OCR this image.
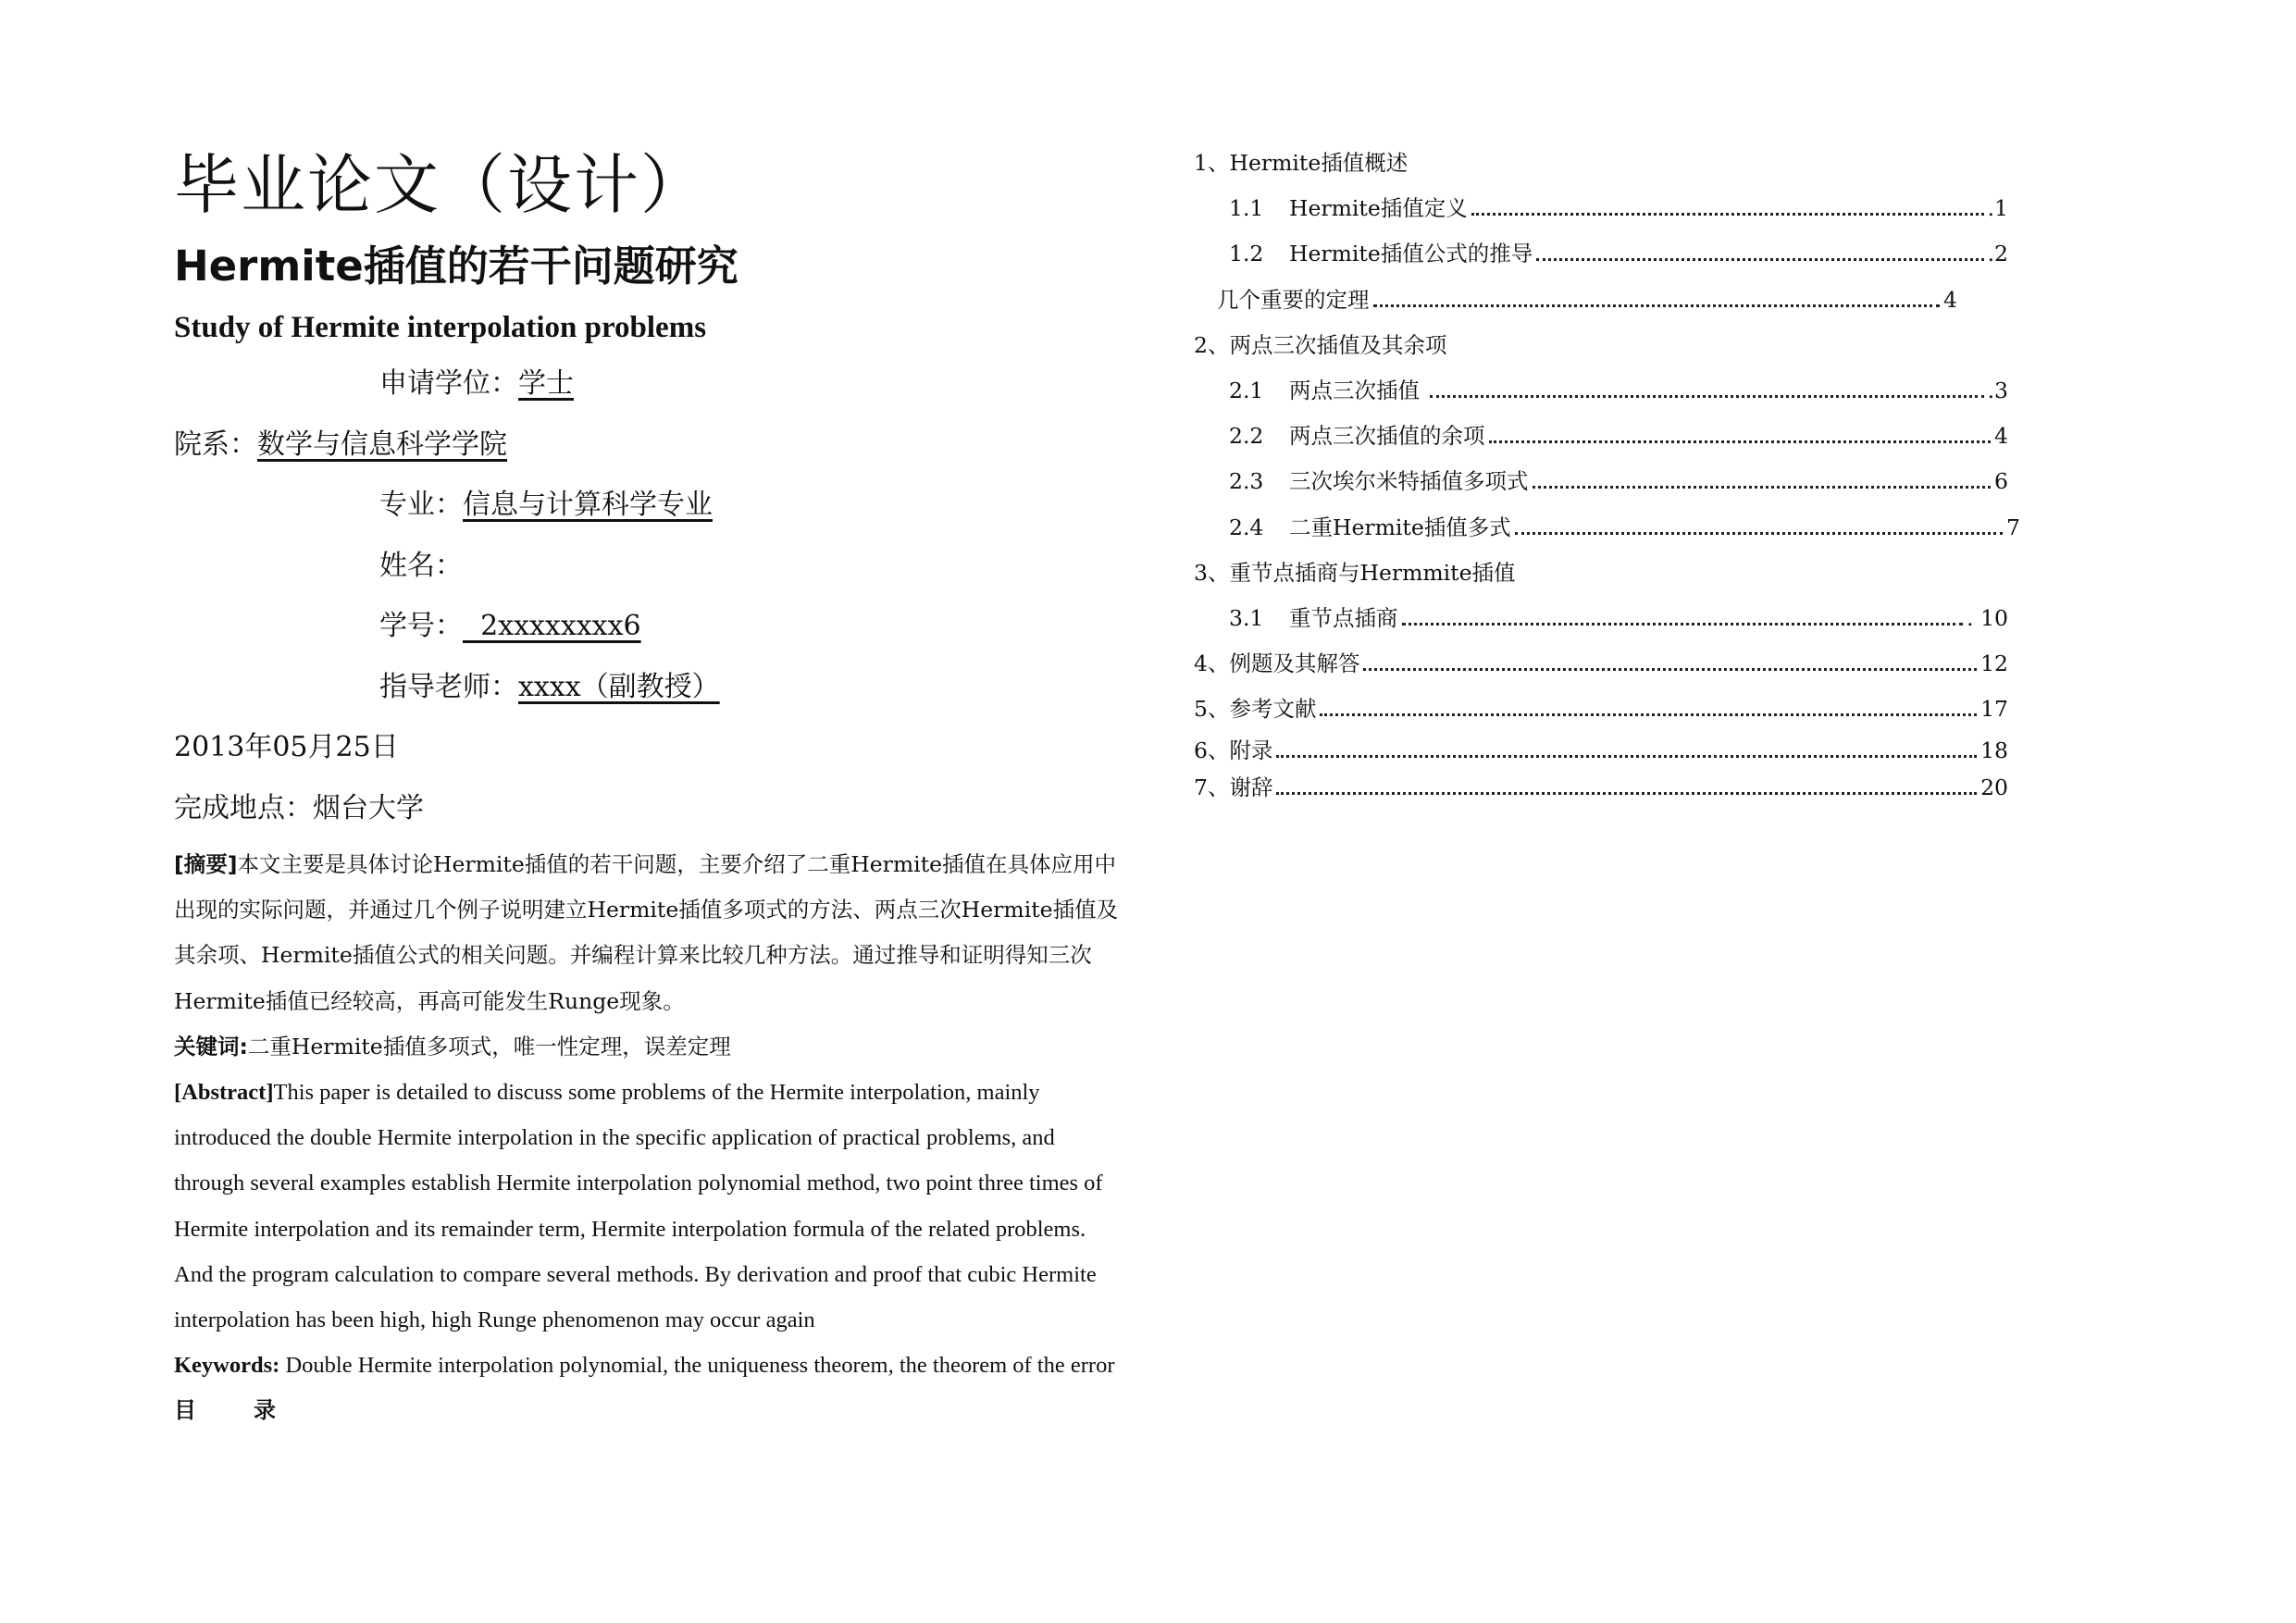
毕业论文（设计）
Hermite插值的若干问题研究
Study of Hermite interpolation problems
申请学位：学士
院系：数学与信息科学学院
专业：信息与计算科学专业
姓名：
学号：  2xxxxxxxx6
指导老师：xxxx（副教授）
2013年05月25日
完成地点：烟台大学

[摘要]本文主要是具体讨论Hermite插值的若干问题，主要介绍了二重Hermite插值在具体应用中出现的实际问题，并通过几个例子说明建立Hermite插值多项式的方法、两点三次Hermite插值及其余项、Hermite插值公式的相关问题。并编程计算来比较几种方法。通过推导和证明得知三次Hermite插值已经较高，再高可能发生Runge现象。

关键词:二重Hermite插值多项式，唯一性定理，误差定理

[Abstract]This paper is detailed to discuss some problems of the Hermite interpolation, mainly introduced the double Hermite interpolation in the specific application of practical problems, and through several examples establish Hermite interpolation polynomial method, two point three times of Hermite interpolation and its remainder term, Hermite interpolation formula of the related problems. And the program calculation to compare several methods. By derivation and proof that cubic Hermite interpolation has been high, high Runge phenomenon may occur again

Keywords: Double Hermite interpolation polynomial, the uniqueness theorem, the theorem of the error

目	录
1、 Hermite插值概述
1.1	Hermite插值定义	.1
1.2	Hermite插值公式的推导	.2
几个重要的定理	4
2、 两点三次插值及其余项
2.1	两点三次插值	.3
2.2	两点三次插值的余项	4
2.3	三次埃尔米特插值多项式	6
2.4	二重Hermite插值多式	7
3、 重节点插商与Hermmite插值
3.1	重节点插商	. 10
4、 例题及其解答	12
5、 参考文献	17
6、 附录	18
7、 谢辞	20
